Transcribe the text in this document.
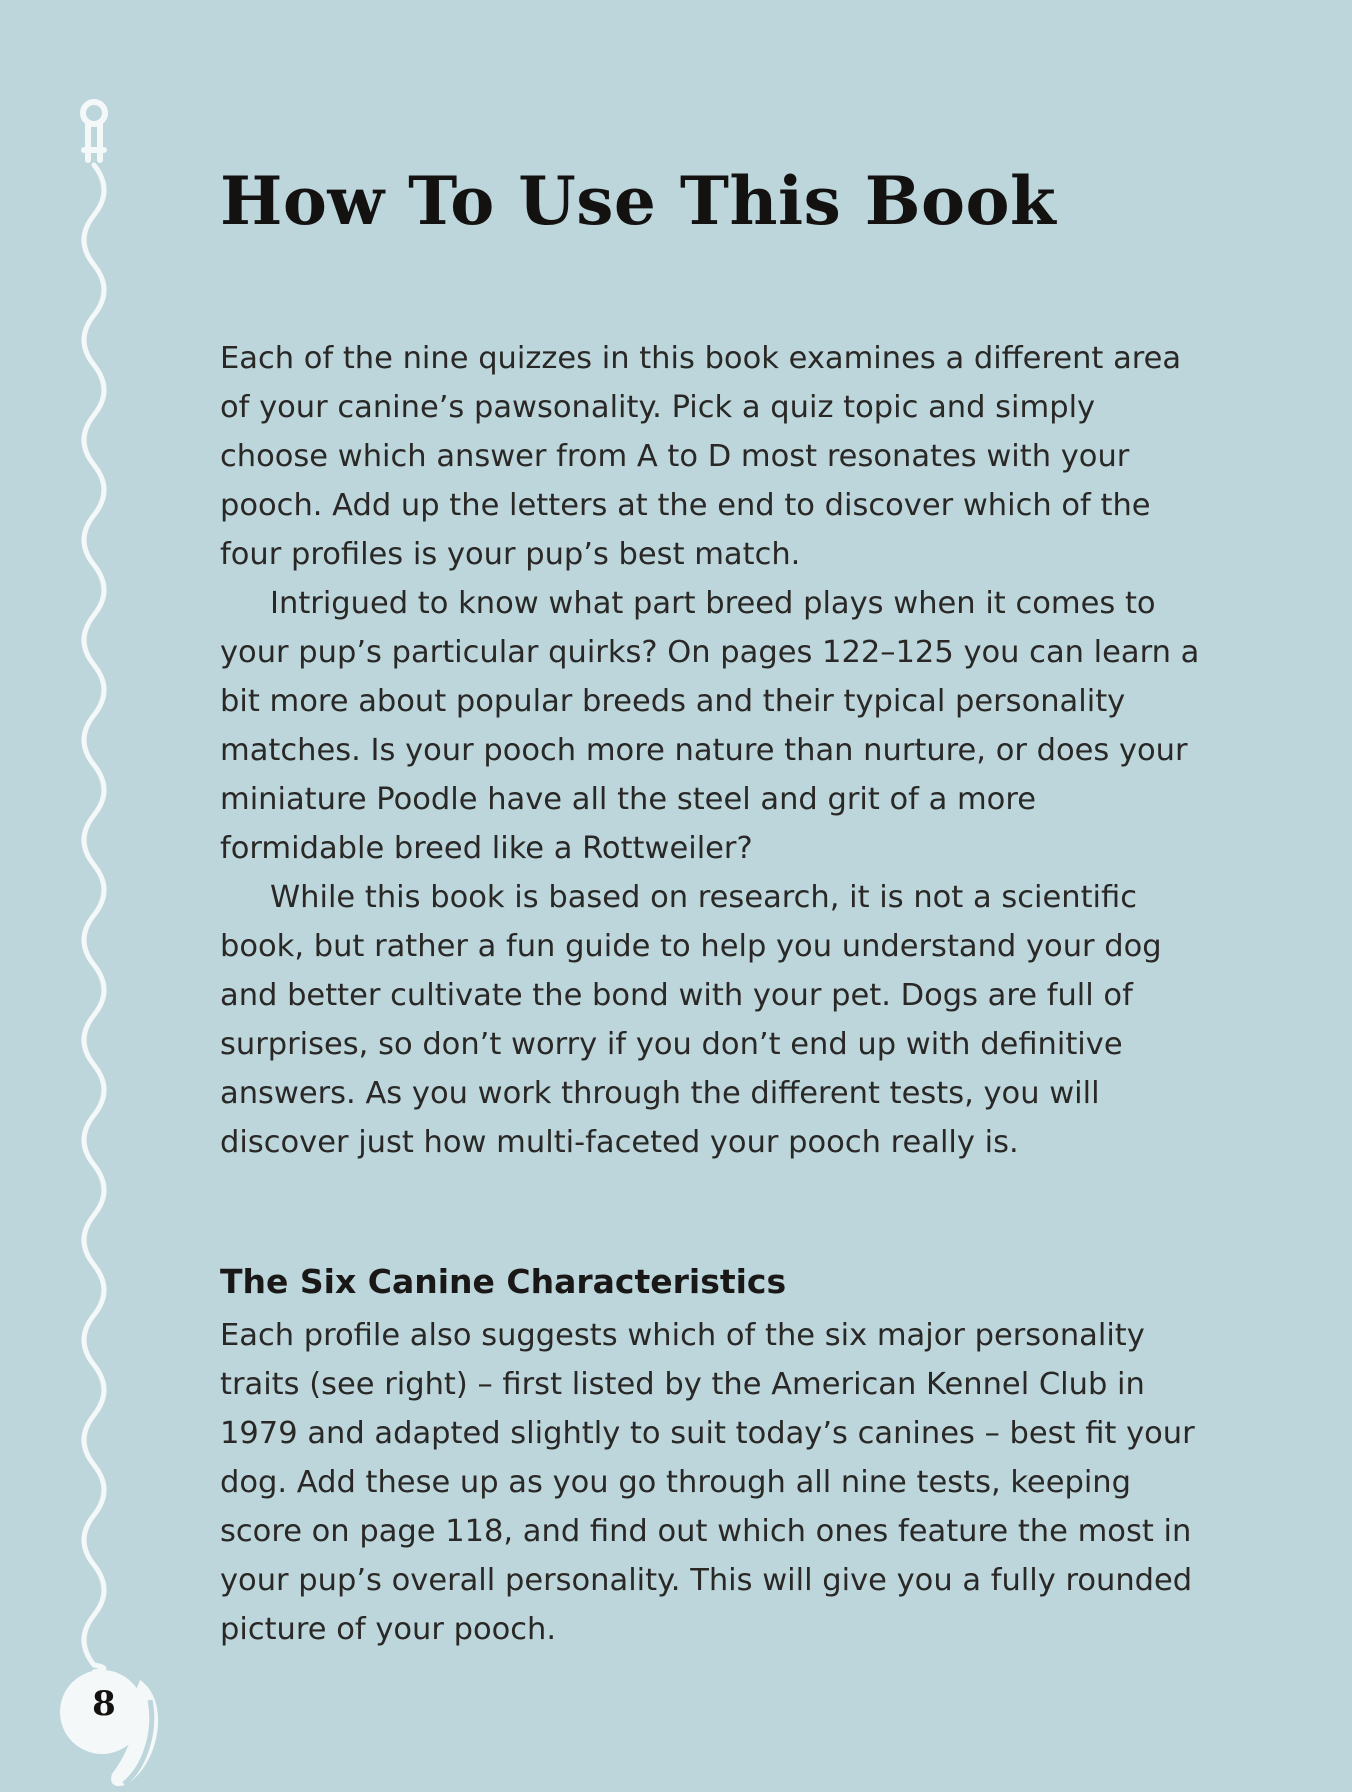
How To Use This Book

Each of the nine quizzes in this book examines a different area of your canine’s pawsonality. Pick a quiz topic and simply choose which answer from A to D most resonates with your pooch. Add up the letters at the end to discover which of the four profiles is your pup’s best match.

Intrigued to know what part breed plays when it comes to your pup’s particular quirks? On pages 122–125 you can learn a bit more about popular breeds and their typical personality matches. Is your pooch more nature than nurture, or does your miniature Poodle have all the steel and grit of a more formidable breed like a Rottweiler?

While this book is based on research, it is not a scientific book, but rather a fun guide to help you understand your dog and better cultivate the bond with your pet. Dogs are full of surprises, so don’t worry if you don’t end up with definitive answers. As you work through the different tests, you will discover just how multi-faceted your pooch really is.

The Six Canine Characteristics

Each profile also suggests which of the six major personality traits (see right) – first listed by the American Kennel Club in 1979 and adapted slightly to suit today’s canines – best fit your dog. Add these up as you go through all nine tests, keeping score on page 118, and find out which ones feature the most in your pup’s overall personality. This will give you a fully rounded picture of your pooch.

8
